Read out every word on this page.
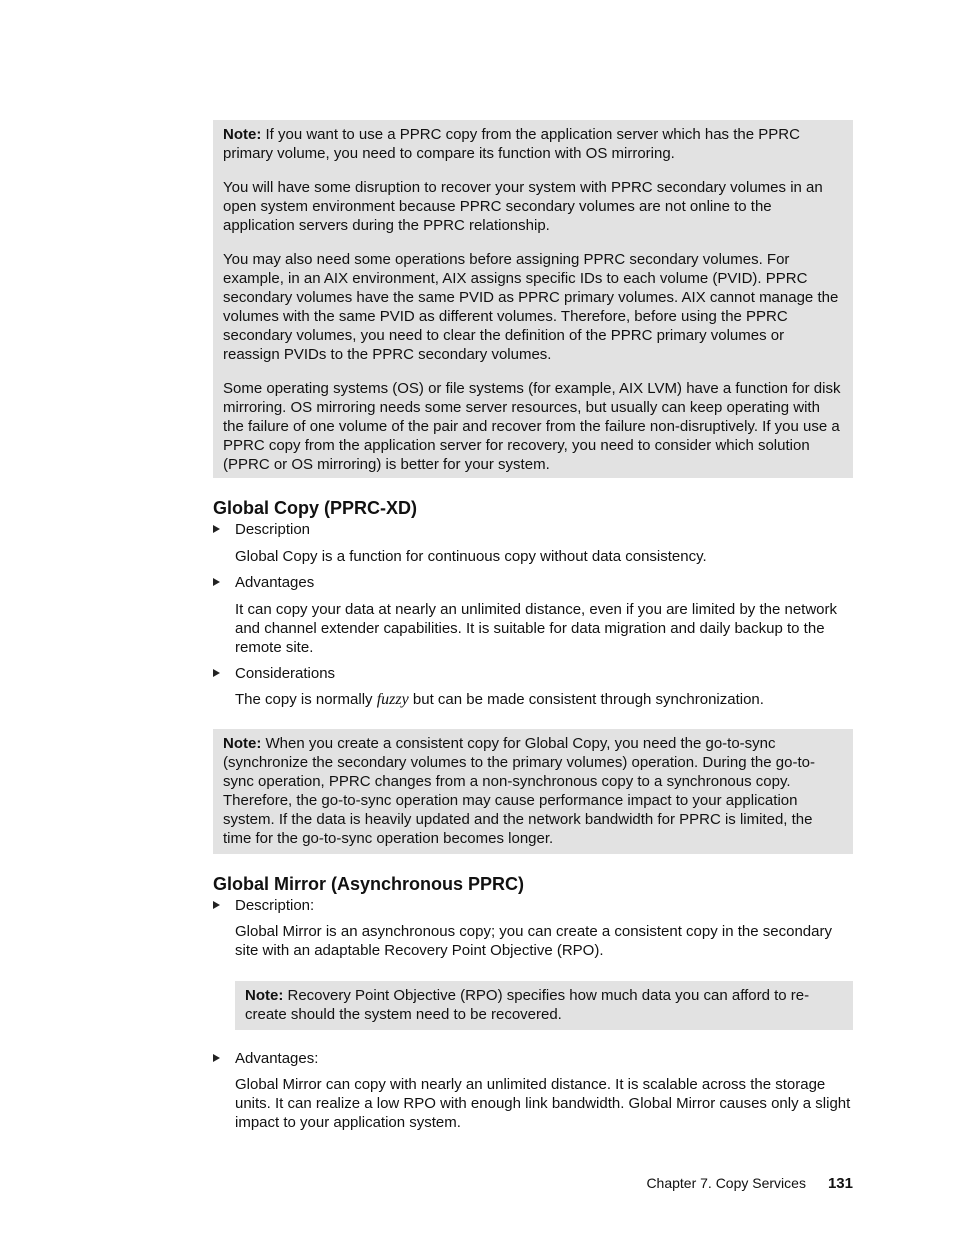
Note: If you want to use a PPRC copy from the application server which has the PPRC primary volume, you need to compare its function with OS mirroring.

You will have some disruption to recover your system with PPRC secondary volumes in an open system environment because PPRC secondary volumes are not online to the application servers during the PPRC relationship.

You may also need some operations before assigning PPRC secondary volumes. For example, in an AIX environment, AIX assigns specific IDs to each volume (PVID). PPRC secondary volumes have the same PVID as PPRC primary volumes. AIX cannot manage the volumes with the same PVID as different volumes. Therefore, before using the PPRC secondary volumes, you need to clear the definition of the PPRC primary volumes or reassign PVIDs to the PPRC secondary volumes.

Some operating systems (OS) or file systems (for example, AIX LVM) have a function for disk mirroring. OS mirroring needs some server resources, but usually can keep operating with the failure of one volume of the pair and recover from the failure non-disruptively. If you use a PPRC copy from the application server for recovery, you need to consider which solution (PPRC or OS mirroring) is better for your system.

Global Copy (PPRC-XD)
Description

Global Copy is a function for continuous copy without data consistency.

Advantages

It can copy your data at nearly an unlimited distance, even if you are limited by the network and channel extender capabilities. It is suitable for data migration and daily backup to the remote site.

Considerations

The copy is normally fuzzy but can be made consistent through synchronization.

Note: When you create a consistent copy for Global Copy, you need the go-to-sync (synchronize the secondary volumes to the primary volumes) operation. During the go-to-sync operation, PPRC changes from a non-synchronous copy to a synchronous copy. Therefore, the go-to-sync operation may cause performance impact to your application system. If the data is heavily updated and the network bandwidth for PPRC is limited, the time for the go-to-sync operation becomes longer.

Global Mirror (Asynchronous PPRC)
Description:

Global Mirror is an asynchronous copy; you can create a consistent copy in the secondary site with an adaptable Recovery Point Objective (RPO).

Note: Recovery Point Objective (RPO) specifies how much data you can afford to re-create should the system need to be recovered.

Advantages:

Global Mirror can copy with nearly an unlimited distance. It is scalable across the storage units. It can realize a low RPO with enough link bandwidth. Global Mirror causes only a slight impact to your application system.

Chapter 7. Copy Services 131
